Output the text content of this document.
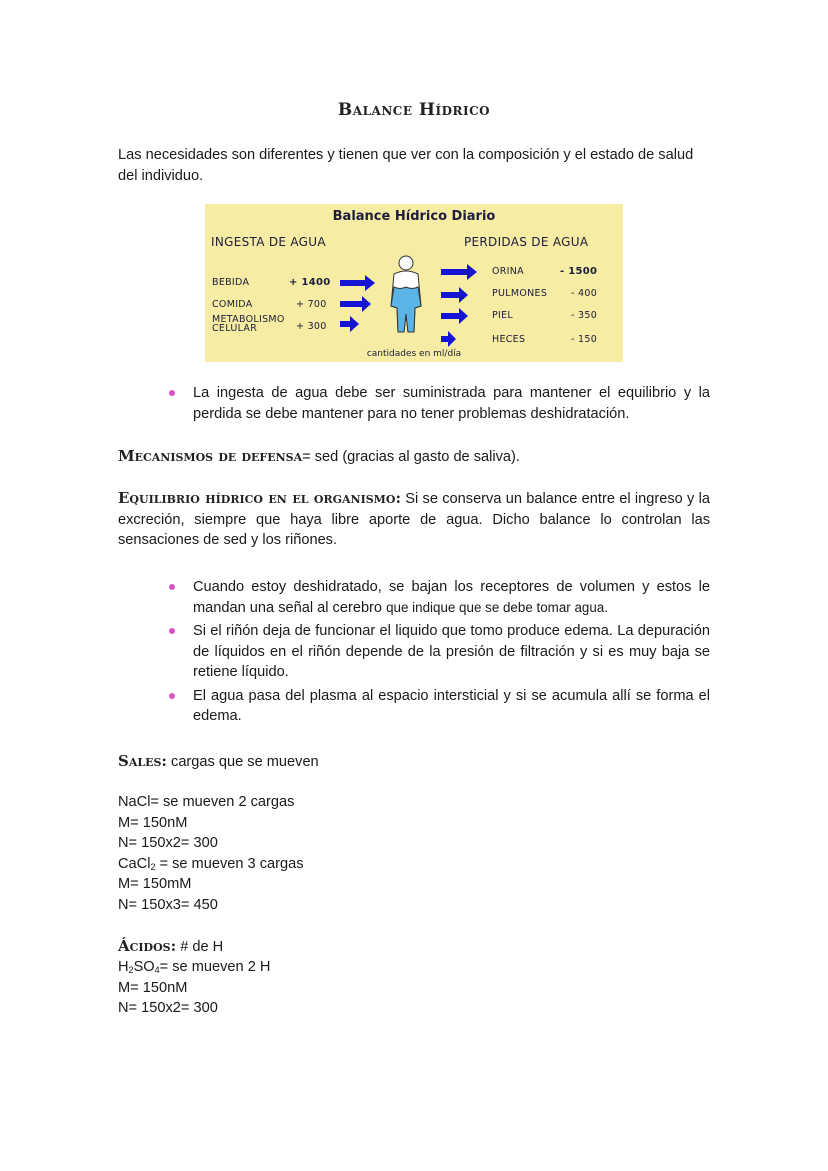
Balance Hídrico
Las necesidades son diferentes y tienen que ver con la composición y el estado de salud del individuo.
Balance Hídrico Diario
INGESTA DE AGUA	PERDIDAS DE AGUA
BEBIDA	+ 1400
COMIDA	+ 700
METABOLISMO
CELULAR	+ 300
ORINA	- 1500
PULMONES	- 400
PIEL	- 350
HECES	- 150
cantidades en ml/día
La ingesta de agua debe ser suministrada para mantener el equilibrio y la perdida se debe mantener para no tener problemas deshidratación.
Mecanismos de defensa= sed (gracias al gasto de saliva).
Equilibrio hídrico en el organismo: Si se conserva un balance entre el ingreso y la excreción, siempre que haya libre aporte de agua. Dicho balance lo controlan las sensaciones de sed y los riñones.
Cuando estoy deshidratado, se bajan los receptores de volumen y estos le mandan una señal al cerebro que indique que se debe tomar agua.
Si el riñón deja de funcionar el liquido que tomo produce edema. La depuración de líquidos en el riñón depende de la presión de filtración y si es muy baja se retiene líquido.
El agua pasa del plasma al espacio intersticial y si se acumula allí se forma el edema.
Sales: cargas que se mueven
NaCl= se mueven 2 cargas
M= 150nM
N= 150x2= 300
CaCl$_2$ = se mueven 3 cargas
M= 150mM
N= 150x3= 450
Ácidos: # de H
$H_2SO_4=$ se mueven 2 H
M= 150nM
N= 150x2= 300
